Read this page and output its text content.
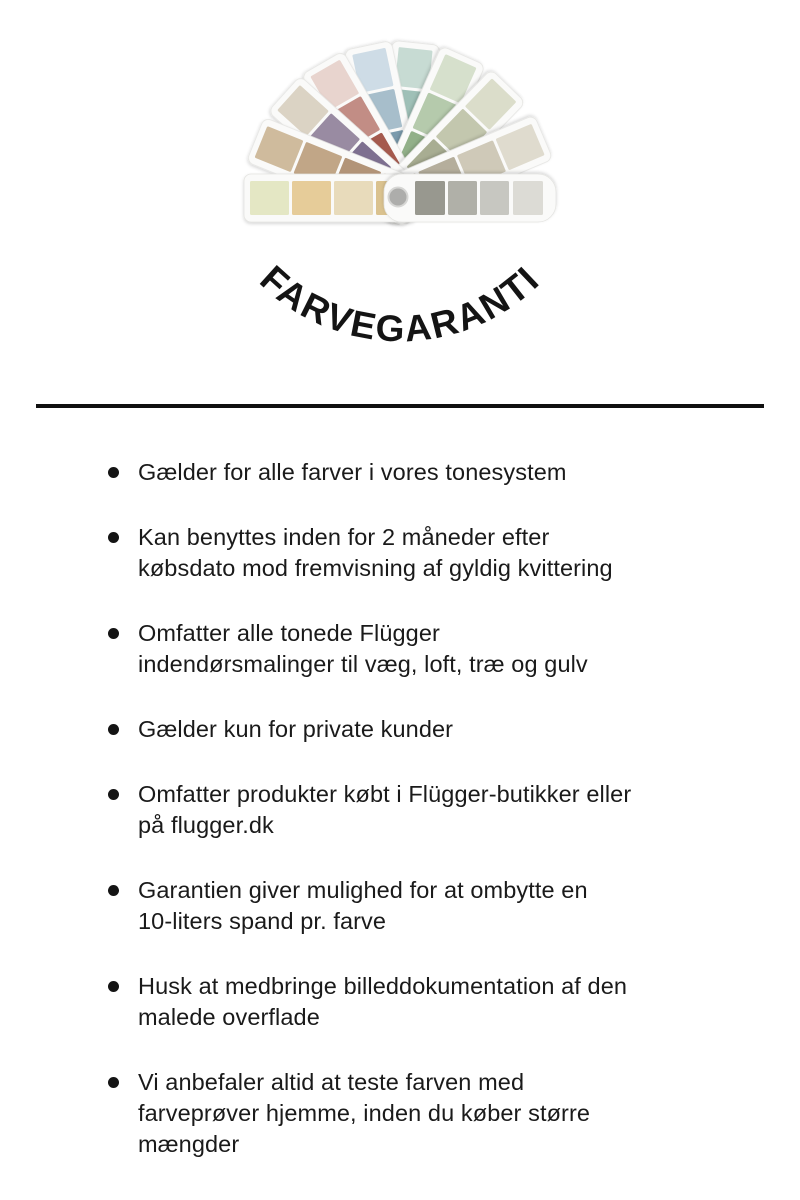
FARVEGARANTI
Gælder for alle farver i vores tonesystem
Kan benyttes inden for 2 måneder efter
købsdato mod fremvisning af gyldig kvittering
Omfatter alle tonede Flügger
indendørsmalinger til væg, loft, træ og gulv
Gælder kun for private kunder
Omfatter produkter købt i Flügger-butikker eller
på flugger.dk
Garantien giver mulighed for at ombytte en
10-liters spand pr. farve
Husk at medbringe billeddokumentation af den
malede overflade
Vi anbefaler altid at teste farven med
farveprøver hjemme, inden du køber større
mængder
